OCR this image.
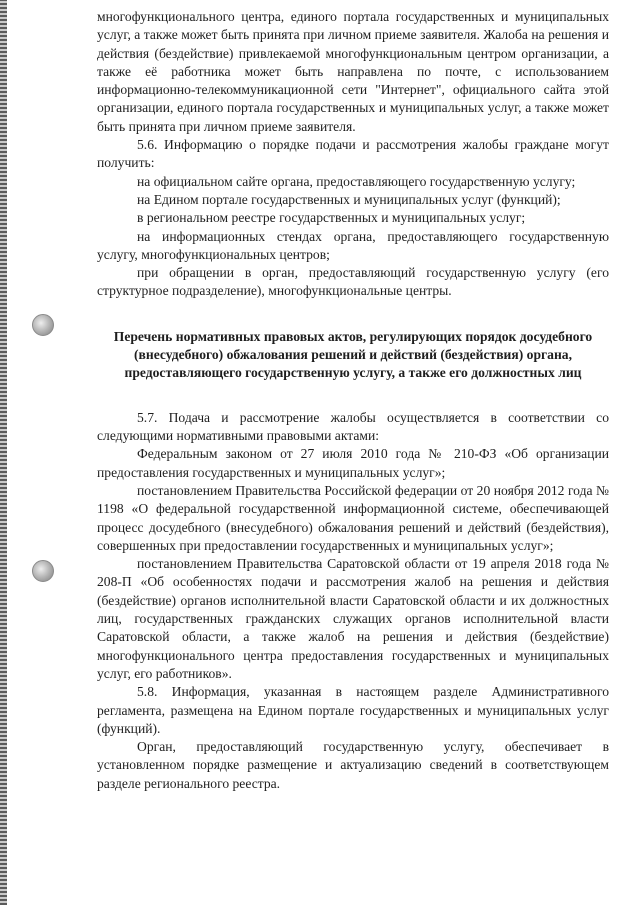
многофункционального центра, единого портала государственных и муниципальных услуг, а также может быть принята при личном приеме заявителя. Жалоба на решения и действия (бездействие) привлекаемой многофункциональным центром организации, а также её работника может быть направлена по почте, с использованием информационно-телекоммуникационной сети "Интернет", официального сайта этой организации, единого портала государственных и муниципальных услуг, а также может быть принята при личном приеме заявителя.

5.6. Информацию о порядке подачи и рассмотрения жалобы граждане могут получить:

на официальном сайте органа, предоставляющего государственную услугу;

на Едином портале государственных и муниципальных услуг (функций);

в региональном реестре государственных и муниципальных услуг;

на информационных стендах органа, предоставляющего государственную услугу, многофункциональных центров;

при обращении в орган, предоставляющий государственную услугу (его структурное подразделение), многофункциональные центры.

Перечень нормативных правовых актов, регулирующих порядок досудебного (внесудебного) обжалования решений и действий (бездействия) органа, предоставляющего государственную услугу, а также его должностных лиц

5.7. Подача и рассмотрение жалобы осуществляется в соответствии со следующими нормативными правовыми актами:

Федеральным законом от 27 июля 2010 года № 210-ФЗ «Об организации предоставления государственных и муниципальных услуг»;

постановлением Правительства Российской федерации от 20 ноября 2012 года № 1198 «О федеральной государственной информационной системе, обеспечивающей процесс досудебного (внесудебного) обжалования решений и действий (бездействия), совершенных при предоставлении государственных и муниципальных услуг»;

постановлением Правительства Саратовской области от 19 апреля 2018 года № 208-П «Об особенностях подачи и рассмотрения жалоб на решения и действия (бездействие) органов исполнительной власти Саратовской области и их должностных лиц, государственных гражданских служащих органов исполнительной власти Саратовской области, а также жалоб на решения и действия (бездействие) многофункционального центра предоставления государственных и муниципальных услуг, его работников».

5.8. Информация, указанная в настоящем разделе Административного регламента, размещена на Едином портале государственных и муниципальных услуг (функций).

Орган, предоставляющий государственную услугу, обеспечивает в установленном порядке размещение и актуализацию сведений в соответствующем разделе регионального реестра.
